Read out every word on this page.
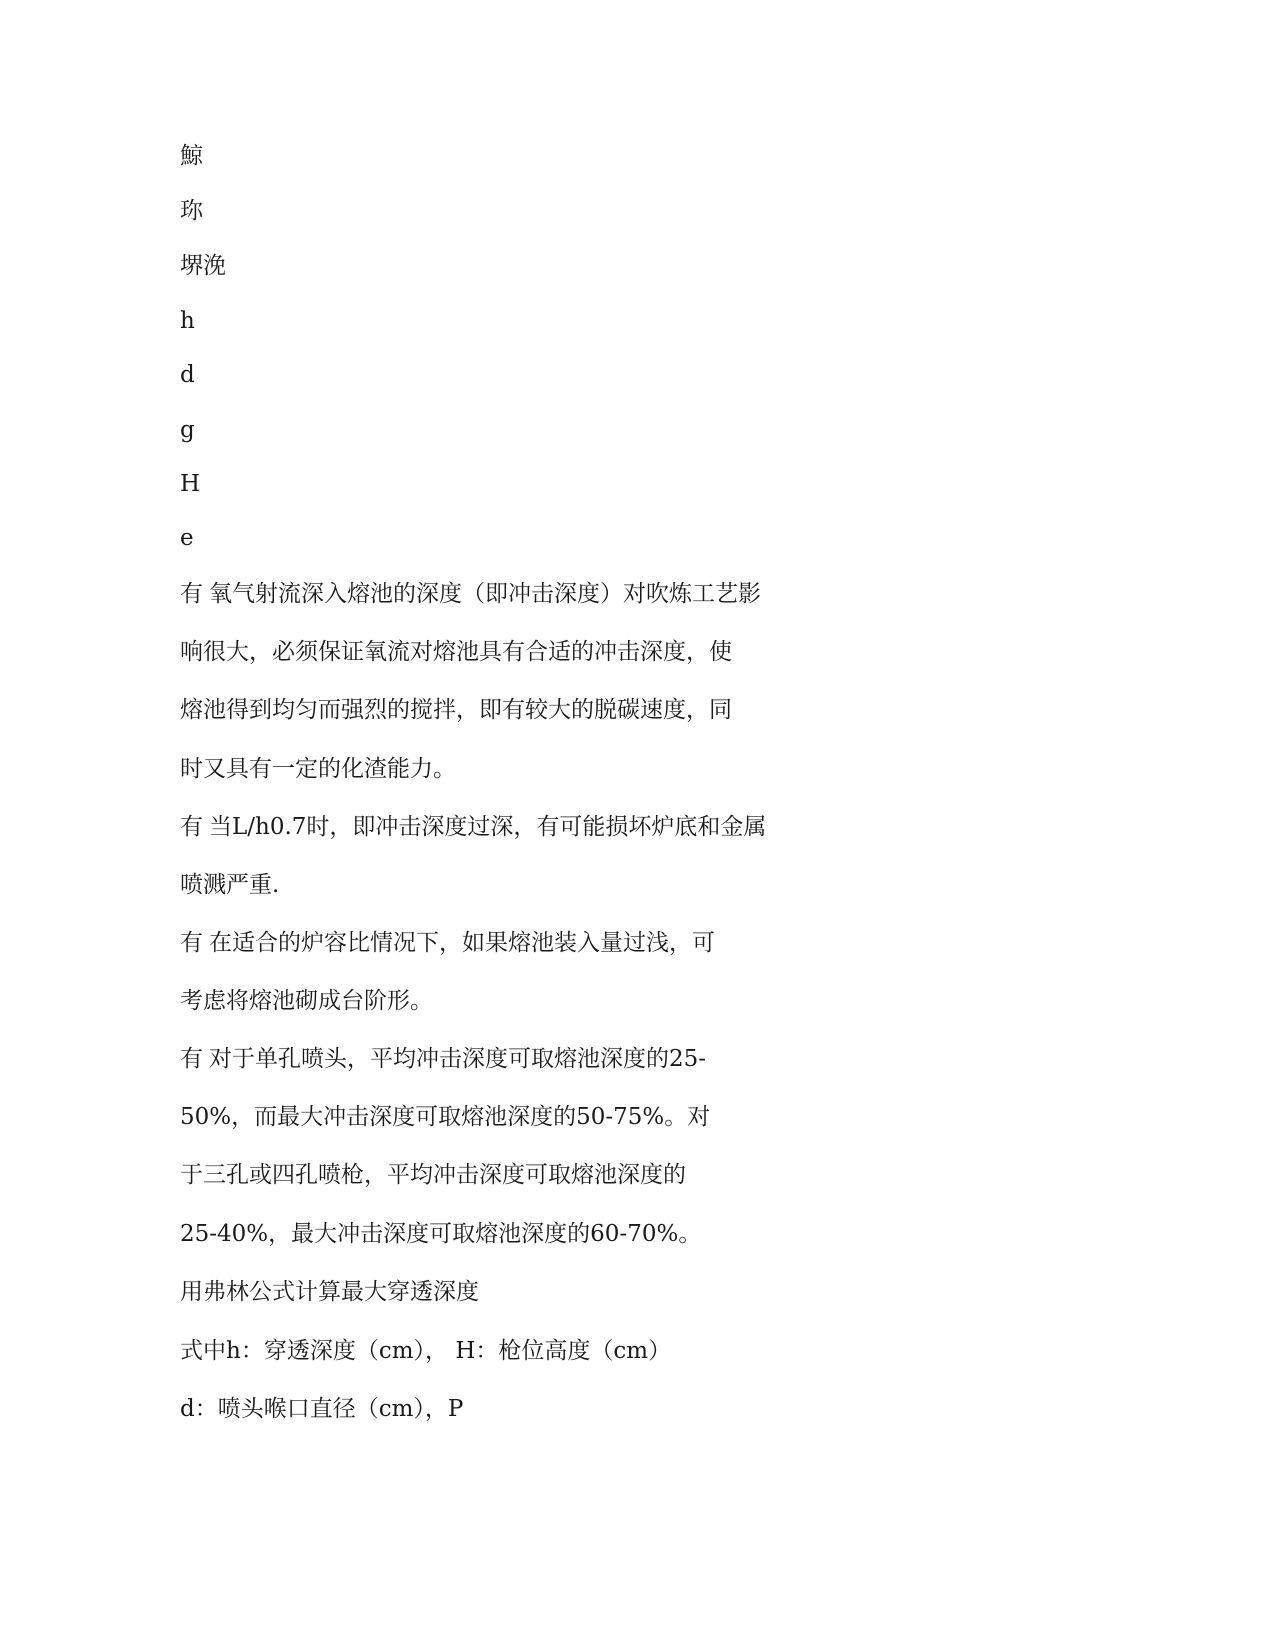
鯨
珎
堺浼
h
d
g
H
e
有 氧气射流深入熔池的深度（即冲击深度）对吹炼工艺影
响很大，必须保证氧流对熔池具有合适的冲击深度，使
熔池得到均匀而强烈的搅拌，即有较大的脱碳速度，同
时又具有一定的化渣能力。
有 当L/h0.7时，即冲击深度过深，有可能损坏炉底和金属
喷溅严重.
有 在适合的炉容比情况下，如果熔池装入量过浅，可
考虑将熔池砌成台阶形。
有 对于单孔喷头，平均冲击深度可取熔池深度的25-
50%，而最大冲击深度可取熔池深度的50-75%。对
于三孔或四孔喷枪，平均冲击深度可取熔池深度的
25-40%，最大冲击深度可取熔池深度的60-70%。
用弗林公式计算最大穿透深度
式中h：穿透深度（cm）， H：枪位高度（cm）
d：喷头喉口直径（cm），P
